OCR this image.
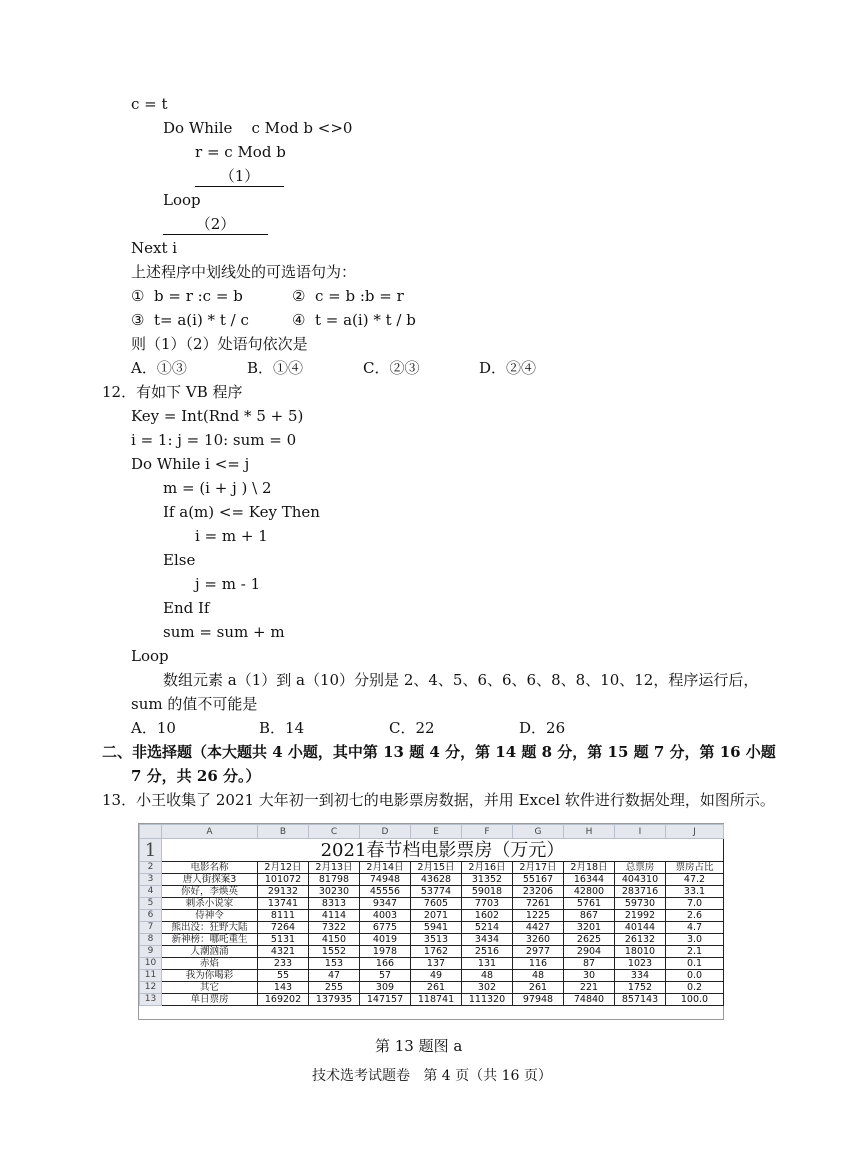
c = t
Do While    c Mod b <>0
r = c Mod b
（1）
Loop
（2）
Next i
上述程序中划线处的可选语句为：
①  b = r :c = b	②  c = b :b = r
③  t= a(i) * t / c	④  t = a(i) * t / b
则（1）（2）处语句依次是
A．①③	B．①④	C．②③	D．②④
12．有如下 VB 程序
Key = Int(Rnd * 5 + 5)
i = 1: j = 10: sum = 0
Do While i <= j
m = (i + j ) \ 2
If a(m) <= Key Then
i = m + 1
Else
j = m - 1
End If
sum = sum + m
Loop
数组元素 a（1）到 a（10）分别是 2、4、5、6、6、6、8、8、10、12，程序运行后，
sum 的值不可能是
A．10	B．14	C．22	D．26
二、非选择题（本大题共 4 小题，其中第 13 题 4 分，第 14 题 8 分，第 15 题 7 分，第 16 小题
7 分，共 26 分。）
13．小王收集了 2021 大年初一到初七的电影票房数据，并用 Excel 软件进行数据处理，如图所示。
	A	B	C	D	E	F	G	H	I	J
1	2021春节档电影票房（万元）									
2	电影名称	2月12日	2月13日	2月14日	2月15日	2月16日	2月17日	2月18日	总票房	票房占比
3	唐人街探案3	101072	81798	74948	43628	31352	55167	16344	404310	47.2
4	你好，李焕英	29132	30230	45556	53774	59018	23206	42800	283716	33.1
5	刺杀小说家	13741	8313	9347	7605	7703	7261	5761	59730	7.0
6	侍神令	8111	4114	4003	2071	1602	1225	867	21992	2.6
7	熊出没：狂野大陆	7264	7322	6775	5941	5214	4427	3201	40144	4.7
8	新神榜：哪吒重生	5131	4150	4019	3513	3434	3260	2625	26132	3.0
9	人潮汹涌	4321	1552	1978	1762	2516	2977	2904	18010	2.1
10	赤焰	233	153	166	137	131	116	87	1023	0.1
11	我为你喝彩	55	47	57	49	48	48	30	334	0.0
12	其它	143	255	309	261	302	261	221	1752	0.2
13	单日票房	169202	137935	147157	118741	111320	97948	74840	857143	100.0
第 13 题图 a
技术选考试题卷   第 4 页（共 16 页）
